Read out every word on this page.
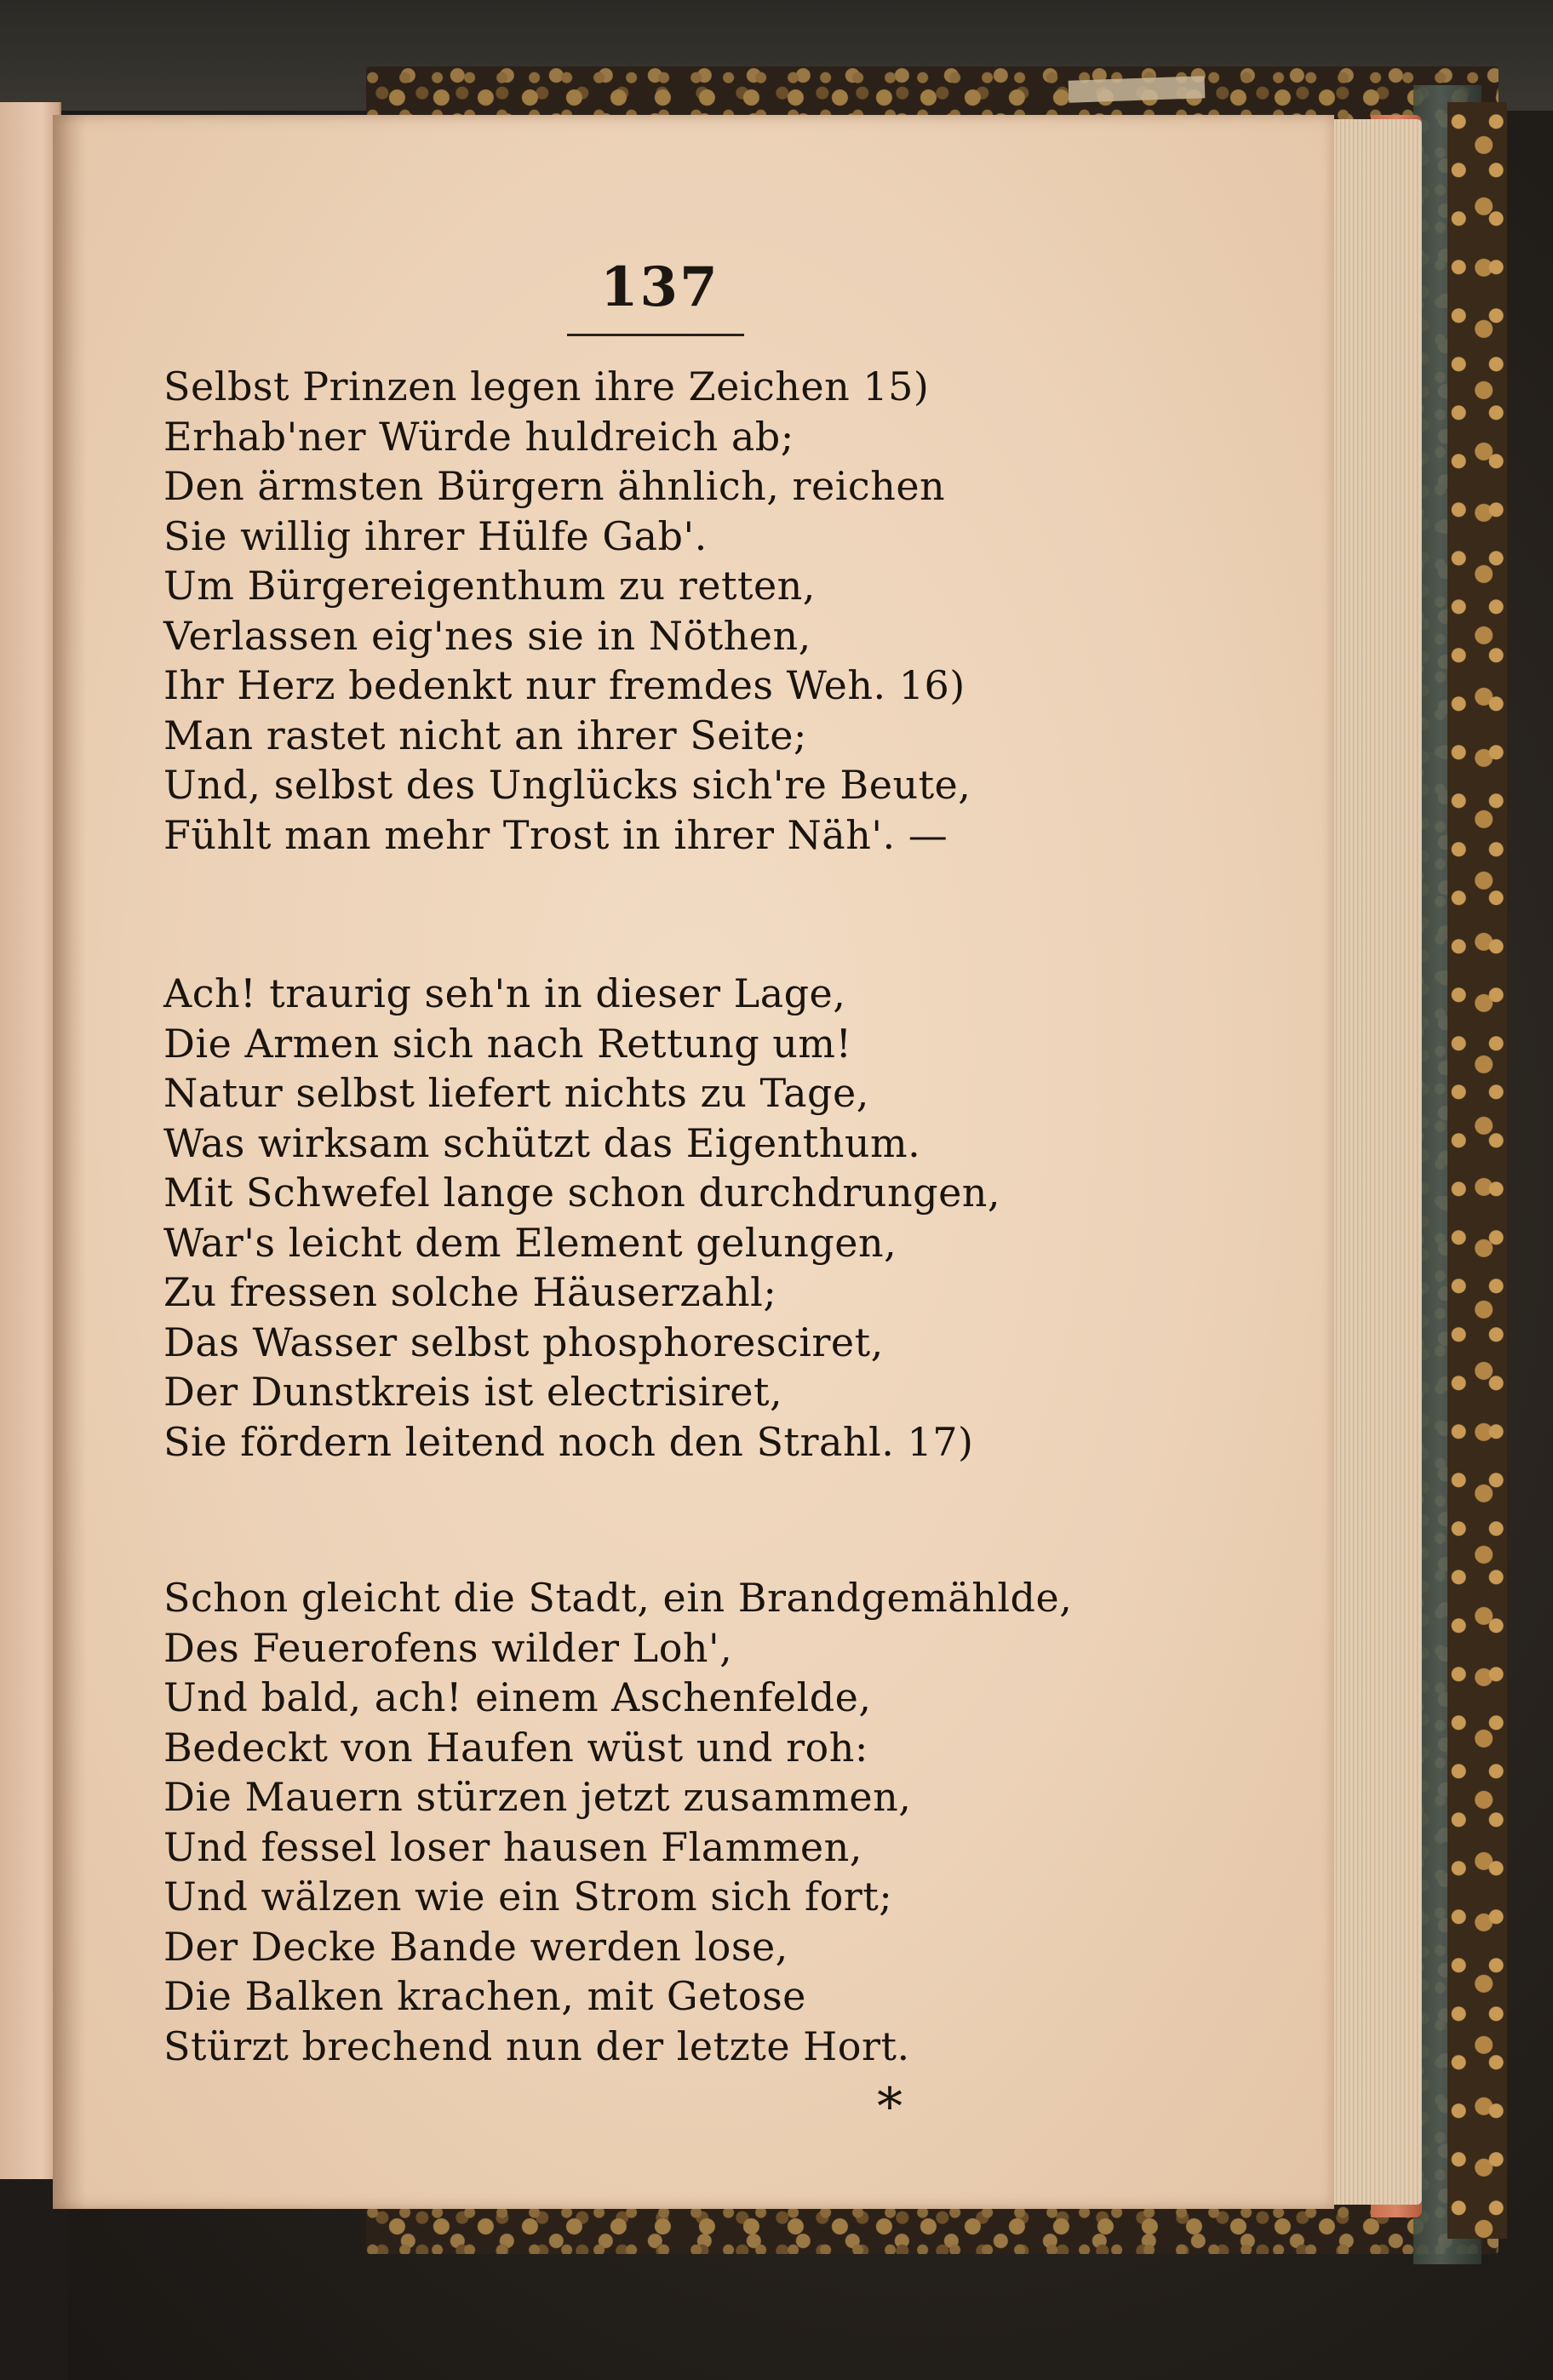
137
Selbst Prinzen legen ihre Zeichen 15)
Erhab'ner Würde huldreich ab;
Den ärmsten Bürgern ähnlich, reichen
Sie willig ihrer Hülfe Gab'.
Um Bürgereigenthum zu retten,
Verlassen eig'nes sie in Nöthen,
Ihr Herz bedenkt nur fremdes Weh. 16)
Man rastet nicht an ihrer Seite;
Und, selbst des Unglücks sich're Beute,
Fühlt man mehr Trost in ihrer Näh'. —
Ach! traurig seh'n in dieser Lage,
Die Armen sich nach Rettung um!
Natur selbst liefert nichts zu Tage,
Was wirksam schützt das Eigenthum.
Mit Schwefel lange schon durchdrungen,
War's leicht dem Element gelungen,
Zu fressen solche Häuserzahl;
Das Wasser selbst phosphoresciret,
Der Dunstkreis ist electrisiret,
Sie fördern leitend noch den Strahl. 17)
Schon gleicht die Stadt, ein Brandgemählde,
Des Feuerofens wilder Loh',
Und bald, ach! einem Aschenfelde,
Bedeckt von Haufen wüst und roh:
Die Mauern stürzen jetzt zusammen,
Und fessel loser hausen Flammen,
Und wälzen wie ein Strom sich fort;
Der Decke Bande werden lose,
Die Balken krachen, mit Getose
Stürzt brechend nun der letzte Hort.
*
